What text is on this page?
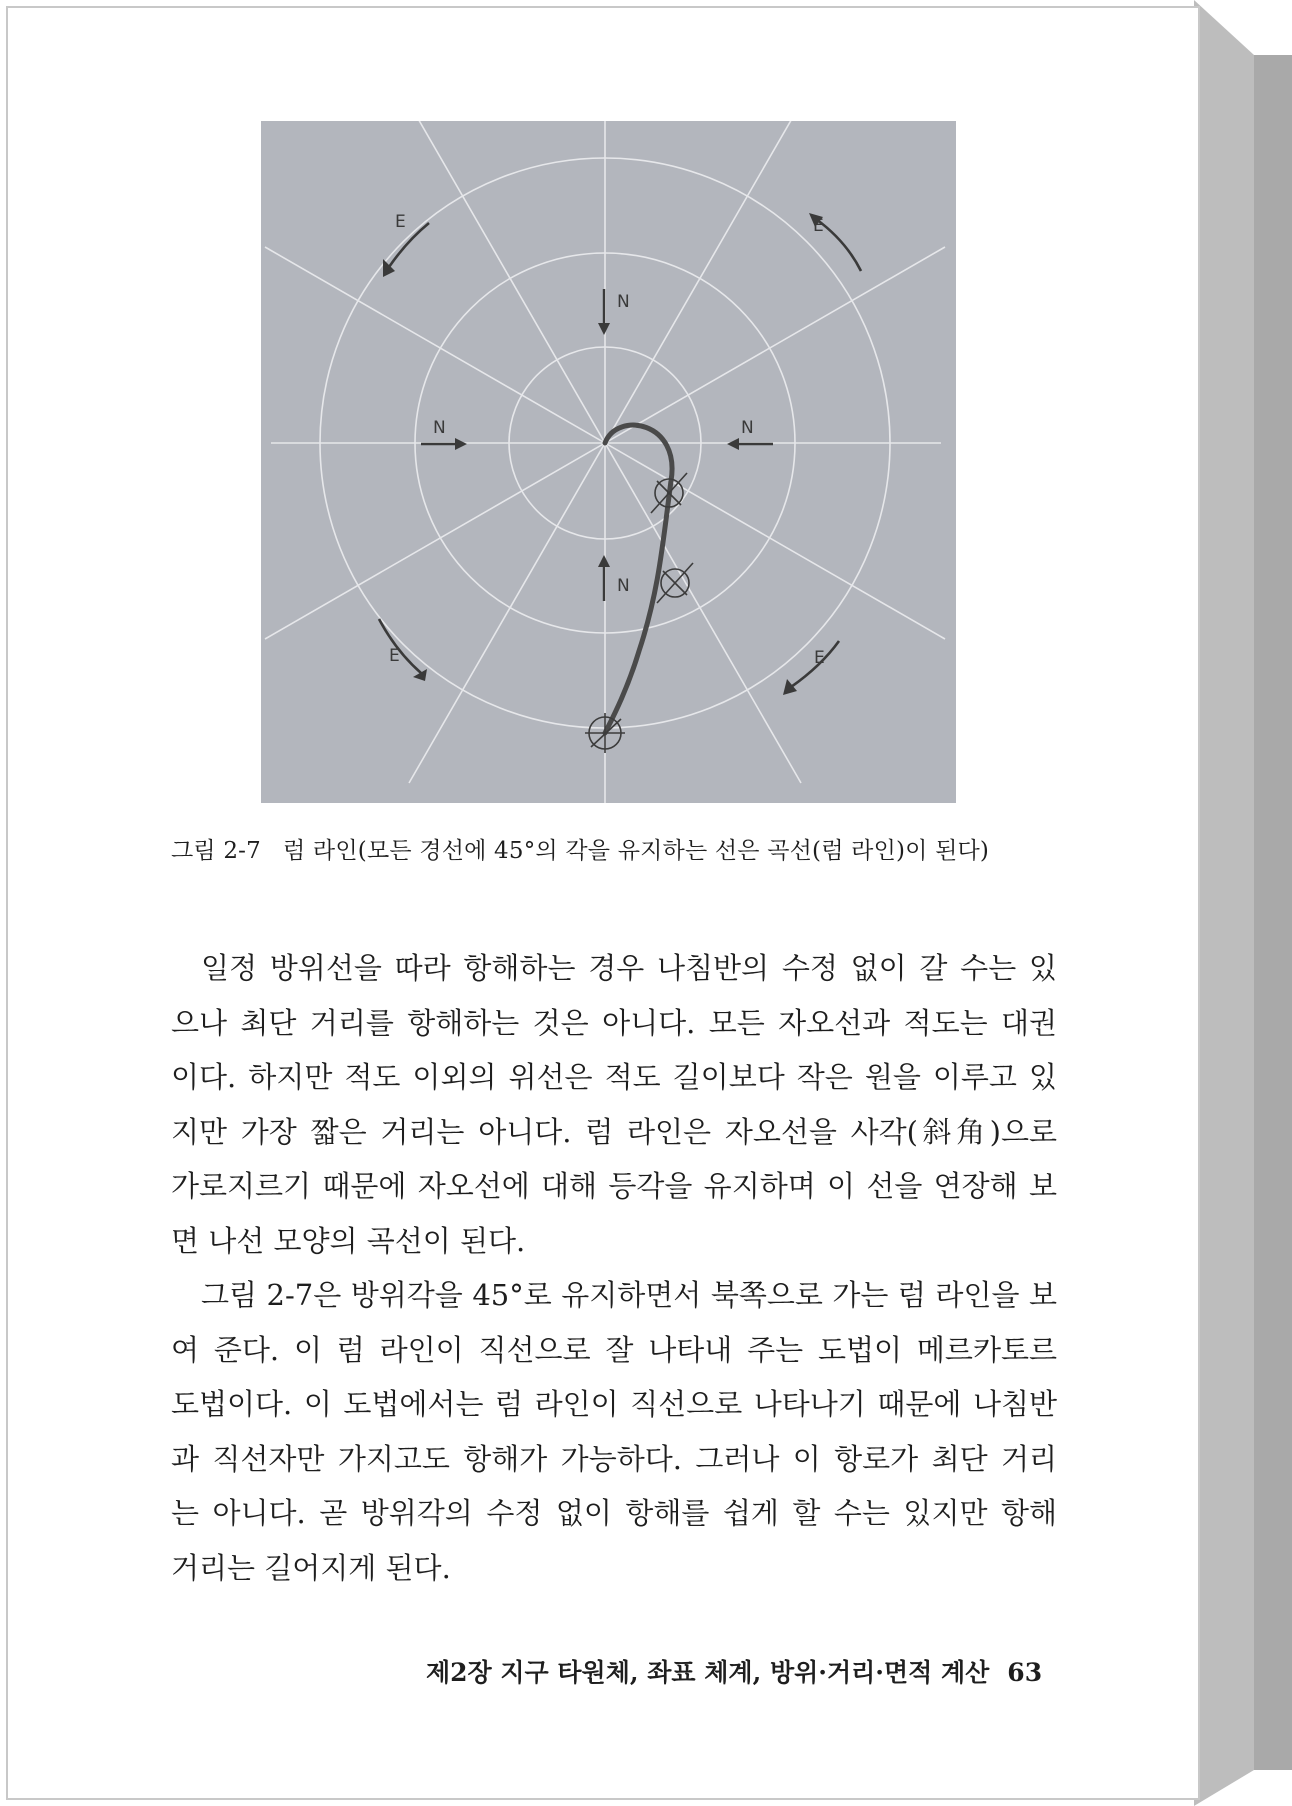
N
N	N
N
E	E
E	E
그림 2-7 럼 라인(모든 경선에 45°의 각을 유지하는 선은 곡선(럼 라인)이 된다)

일정 방위선을 따라 항해하는 경우 나침반의 수정 없이 갈 수는 있
으나 최단 거리를 항해하는 것은 아니다. 모든 자오선과 적도는 대권
이다. 하지만 적도 이외의 위선은 적도 길이보다 작은 원을 이루고 있
지만 가장 짧은 거리는 아니다. 럼 라인은 자오선을 사각(斜角)으로
가로지르기 때문에 자오선에 대해 등각을 유지하며 이 선을 연장해 보
면 나선 모양의 곡선이 된다.

그림 2-7은 방위각을 45°로 유지하면서 북쪽으로 가는 럼 라인을 보
여 준다. 이 럼 라인이 직선으로 잘 나타내 주는 도법이 메르카토르
도법이다. 이 도법에서는 럼 라인이 직선으로 나타나기 때문에 나침반
과 직선자만 가지고도 항해가 가능하다. 그러나 이 항로가 최단 거리
는 아니다. 곧 방위각의 수정 없이 항해를 쉽게 할 수는 있지만 항해
거리는 길어지게 된다.

제2장 지구 타원체, 좌표 체계, 방위·거리·면적 계산 63
